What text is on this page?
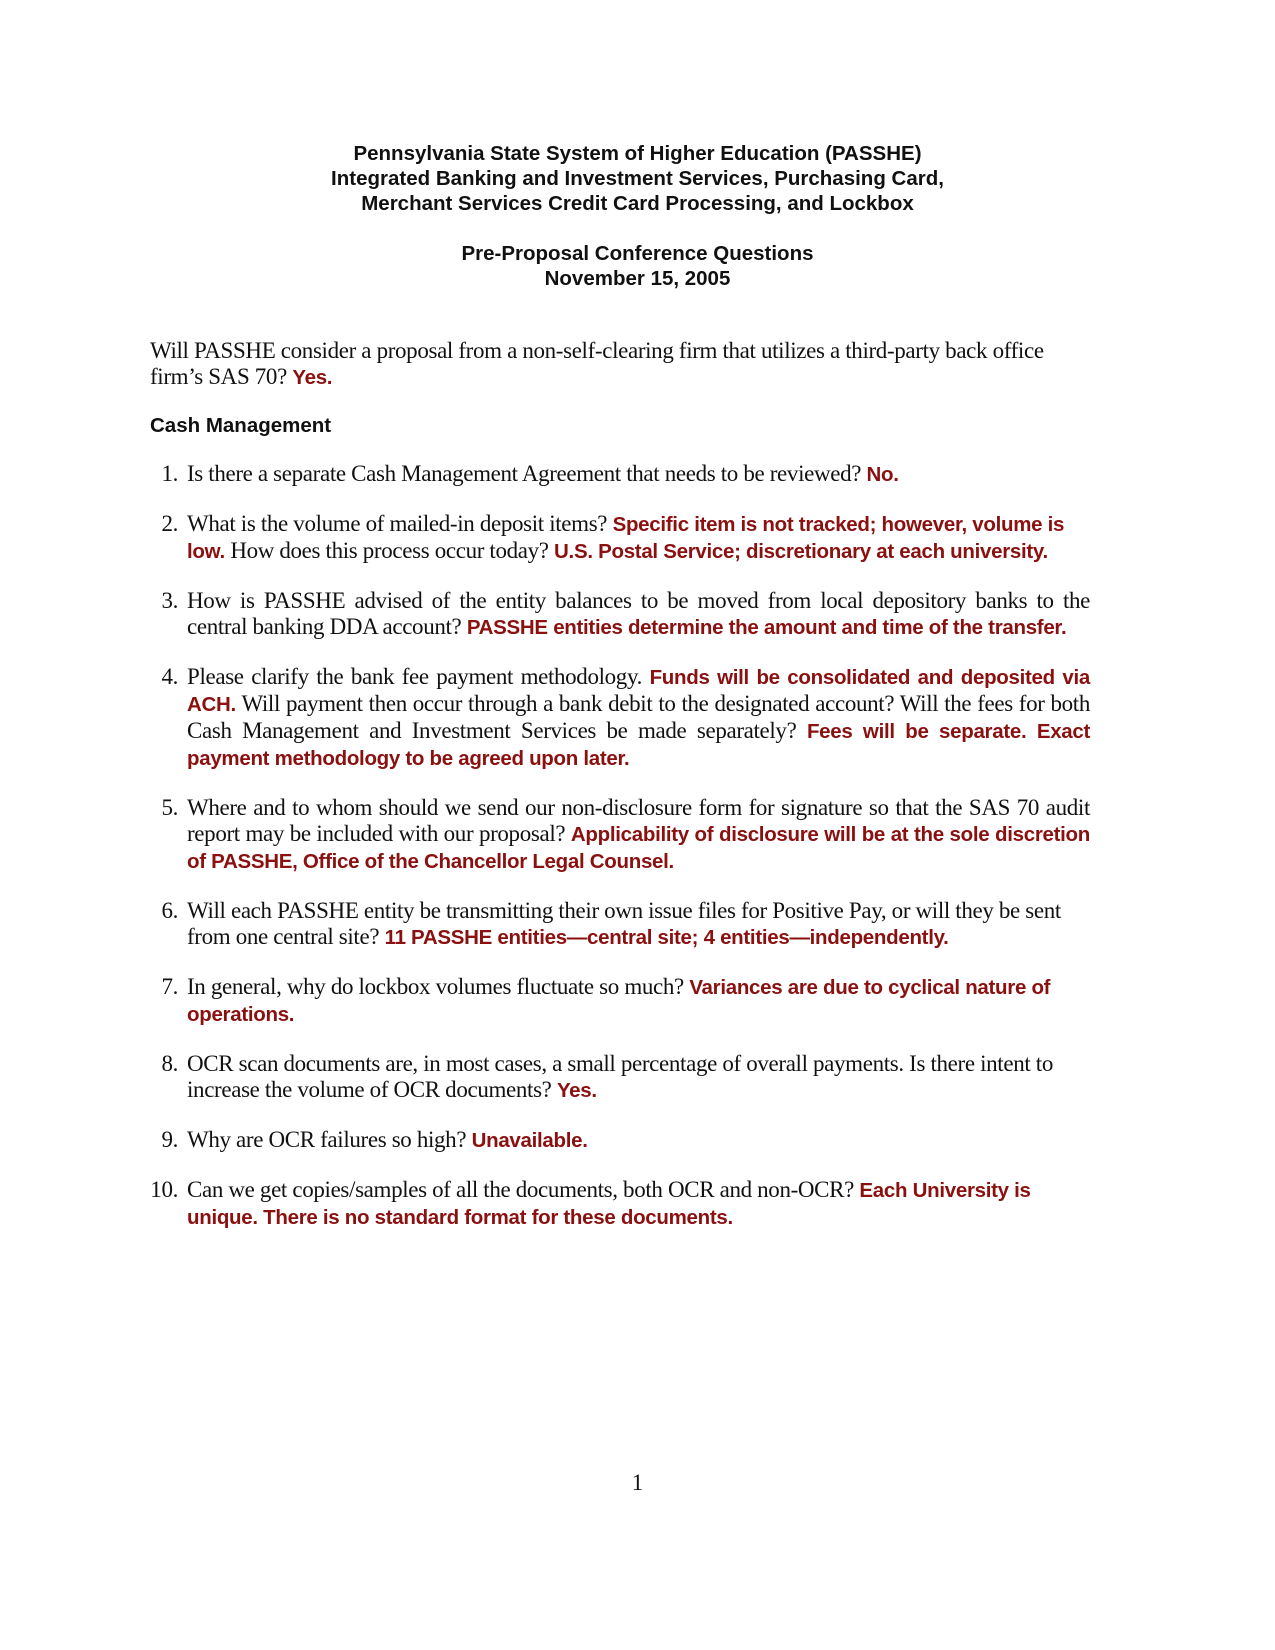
Pennsylvania State System of Higher Education (PASSHE)
Integrated Banking and Investment Services, Purchasing Card,
Merchant Services Credit Card Processing, and Lockbox
Pre-Proposal Conference Questions
November 15, 2005

Will PASSHE consider a proposal from a non-self-clearing firm that utilizes a third-party back office firm’s SAS 70? Yes.

Cash Management
1. Is there a separate Cash Management Agreement that needs to be reviewed? No.
2. What is the volume of mailed-in deposit items? Specific item is not tracked; however, volume is low. How does this process occur today? U.S. Postal Service; discretionary at each university.
3. How is PASSHE advised of the entity balances to be moved from local depository banks to the central banking DDA account? PASSHE entities determine the amount and time of the transfer.
4. Please clarify the bank fee payment methodology. Funds will be consolidated and deposited via ACH. Will payment then occur through a bank debit to the designated account? Will the fees for both Cash Management and Investment Services be made separately? Fees will be separate. Exact payment methodology to be agreed upon later.
5. Where and to whom should we send our non-disclosure form for signature so that the SAS 70 audit report may be included with our proposal? Applicability of disclosure will be at the sole discretion of PASSHE, Office of the Chancellor Legal Counsel.
6. Will each PASSHE entity be transmitting their own issue files for Positive Pay, or will they be sent from one central site? 11 PASSHE entities—central site; 4 entities—independently.
7. In general, why do lockbox volumes fluctuate so much? Variances are due to cyclical nature of operations.
8. OCR scan documents are, in most cases, a small percentage of overall payments. Is there intent to increase the volume of OCR documents? Yes.
9. Why are OCR failures so high? Unavailable.
10. Can we get copies/samples of all the documents, both OCR and non-OCR? Each University is unique. There is no standard format for these documents.
1
